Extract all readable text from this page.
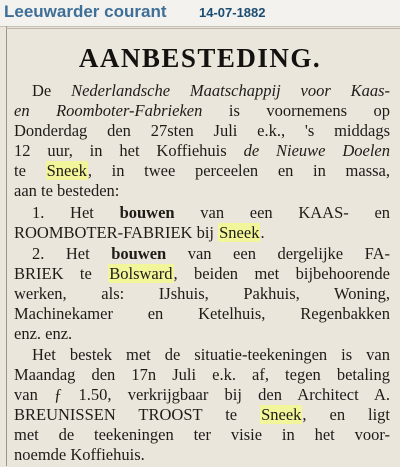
Leeuwarder courant	14-07-1882
AANBESTEDING.
De Nederlandsche Maatschappij voor Kaas-
en Roomboter-Fabrieken is voornemens op
Donderdag den 27sten Juli e.k., 's middags
12 uur, in het Koffiehuis de Nieuwe Doelen
te Sneek, in twee perceelen en in massa,
aan te besteden:
1. Het bouwen van een KAAS- en
ROOMBOTER-FABRIEK bij Sneek.
2. Het bouwen van een dergelijke FA-
BRIEK te Bolsward, beiden met bijbehoorende
werken, als: IJshuis, Pakhuis, Woning,
Machinekamer en Ketelhuis, Regenbakken
enz. enz.
Het bestek met de situatie-teekeningen is van
Maandag den 17n Juli e.k. af, tegen betaling
van ƒ 1.50, verkrijgbaar bij den Architect A.
BREUNISSEN TROOST te Sneek, en ligt
met de teekeningen ter visie in het voor-
noemde Koffiehuis.
